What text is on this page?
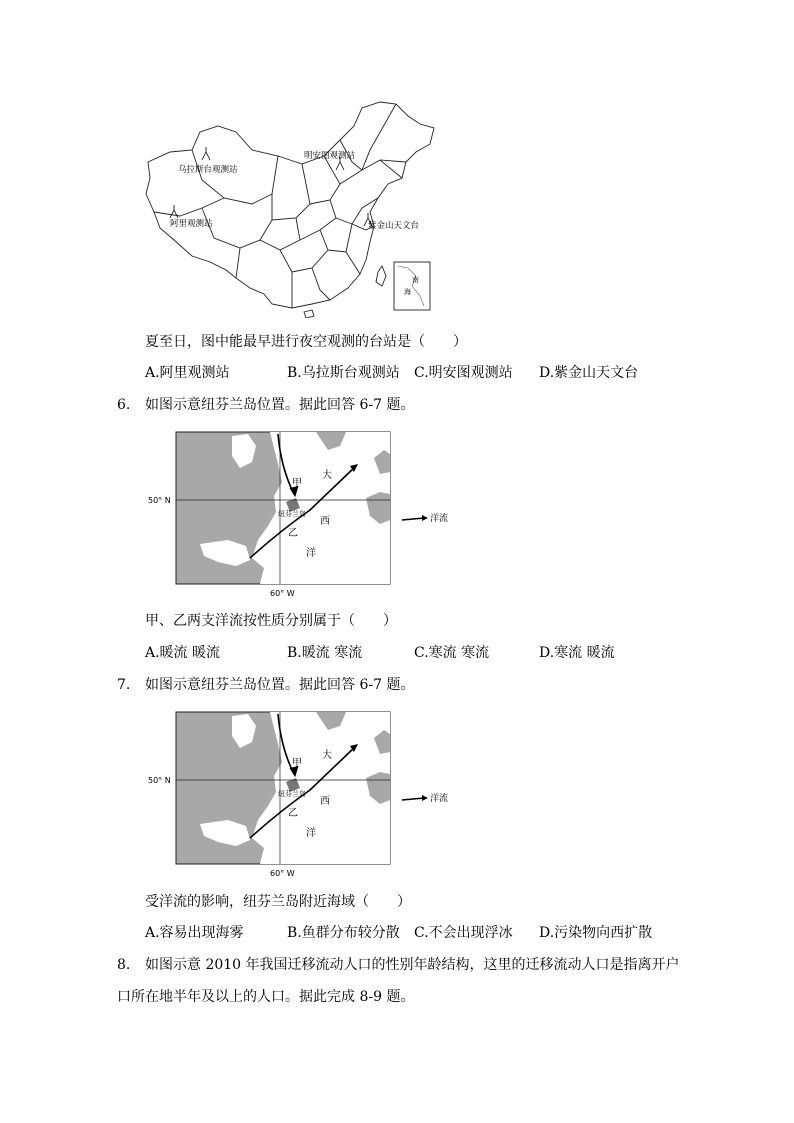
乌拉斯台观测站
明安图观测站
阿里观测站	紫金山天文台
南
海
夏至日，图中能最早进行夜空观测的台站是（　　）
A.阿里观测站	B.乌拉斯台观测站 C.明安图观测站 D.紫金山天文台
6. 如图示意纽芬兰岛位置。据此回答 6-7 题。
50° N
60° W
甲
乙
纽芬兰岛
大
西
洋
洋流
甲、乙两支洋流按性质分别属于（　　）
A.暖流 暖流	B.暖流 寒流	C.寒流 寒流	D.寒流 暖流
7. 如图示意纽芬兰岛位置。据此回答 6-7 题。
50° N
60° W
甲
乙
纽芬兰岛
大
西
洋
洋流
受洋流的影响，纽芬兰岛附近海域（　　）
A.容易出现海雾	B.鱼群分布较分散 C.不会出现浮冰 D.污染物向西扩散
8. 如图示意 2010 年我国迁移流动人口的性别年龄结构，这里的迁移流动人口是指离开户
口所在地半年及以上的人口。据此完成 8-9 题。
